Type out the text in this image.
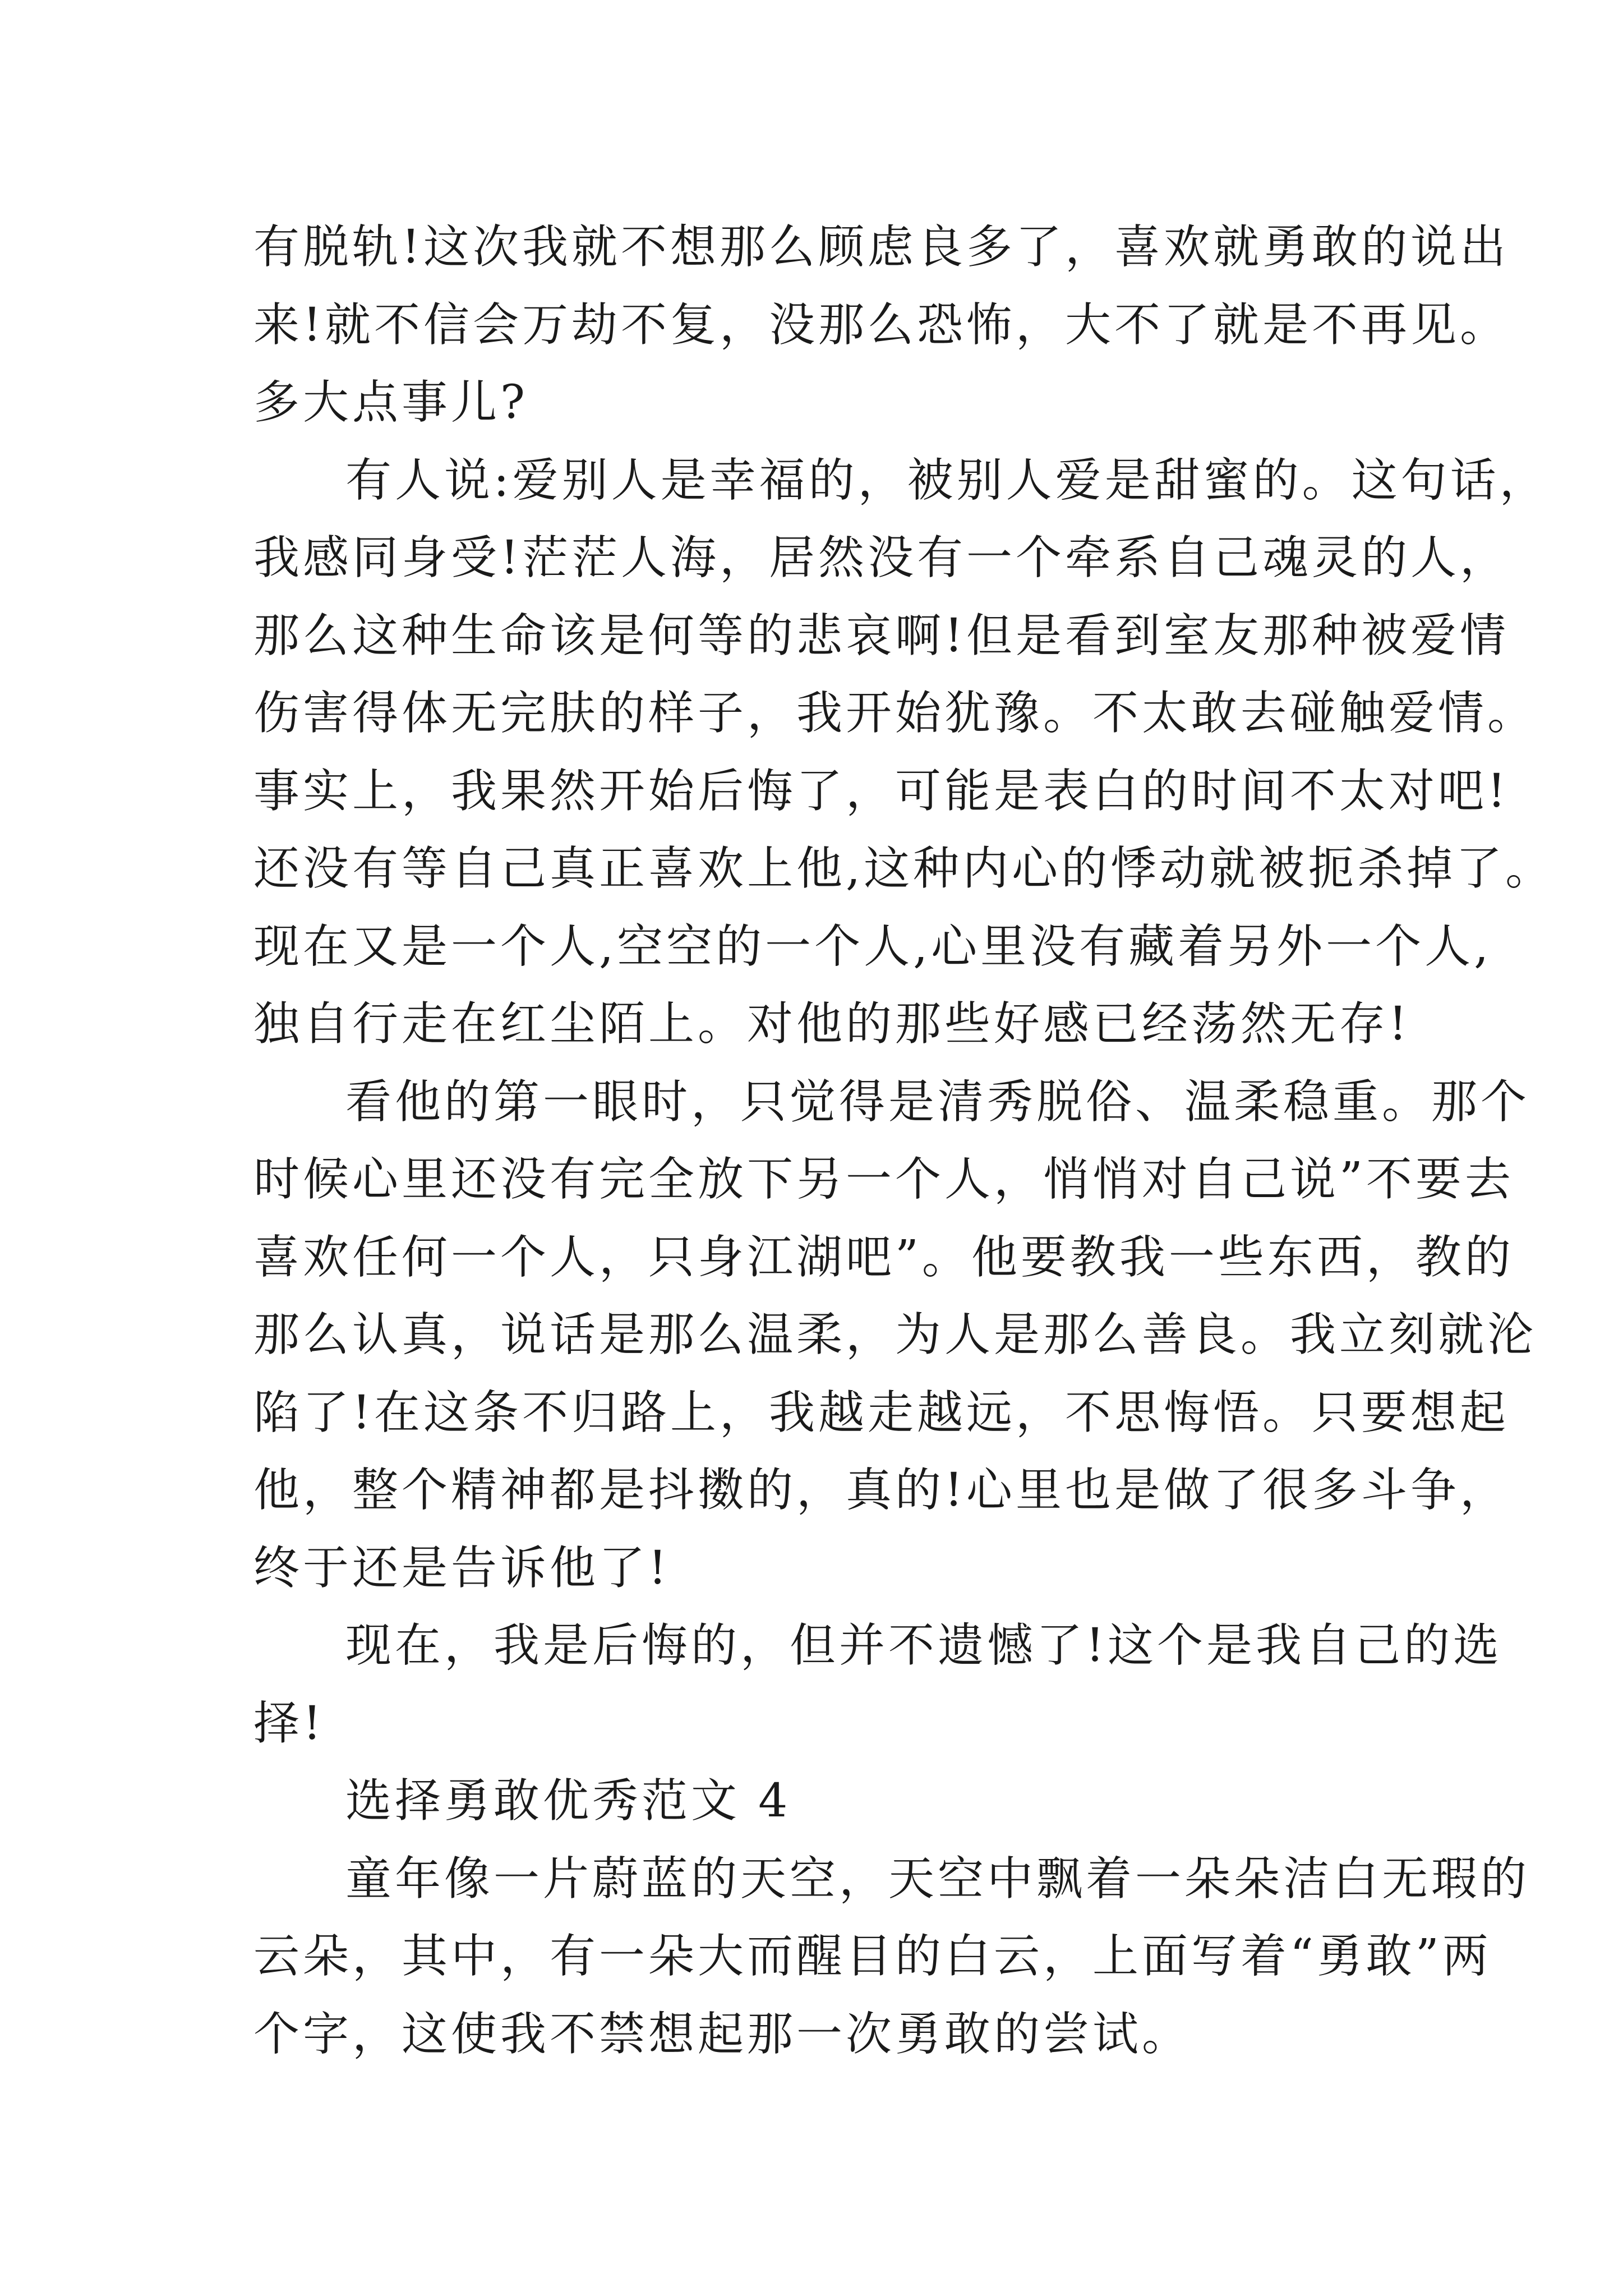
有脱轨!这次我就不想那么顾虑良多了，喜欢就勇敢的说出
来!就不信会万劫不复，没那么恐怖，大不了就是不再见。
多大点事儿?

有人说:爱别人是幸福的，被别人爱是甜蜜的。这句话，
我感同身受!茫茫人海，居然没有一个牵系自己魂灵的人，
那么这种生命该是何等的悲哀啊!但是看到室友那种被爱情
伤害得体无完肤的样子，我开始犹豫。不太敢去碰触爱情。
事实上，我果然开始后悔了，可能是表白的时间不太对吧!
还没有等自己真正喜欢上他,这种内心的悸动就被扼杀掉了。
现在又是一个人,空空的一个人,心里没有藏着另外一个人,
独自行走在红尘陌上。对他的那些好感已经荡然无存!

看他的第一眼时，只觉得是清秀脱俗、温柔稳重。那个
时候心里还没有完全放下另一个人，悄悄对自己说”不要去
喜欢任何一个人，只身江湖吧”。他要教我一些东西，教的
那么认真，说话是那么温柔，为人是那么善良。我立刻就沦
陷了!在这条不归路上，我越走越远，不思悔悟。只要想起
他，整个精神都是抖擞的，真的!心里也是做了很多斗争，
终于还是告诉他了!

现在，我是后悔的，但并不遗憾了!这个是我自己的选
择!

选择勇敢优秀范文 4

童年像一片蔚蓝的天空，天空中飘着一朵朵洁白无瑕的
云朵，其中，有一朵大而醒目的白云，上面写着“勇敢”两
个字，这使我不禁想起那一次勇敢的尝试。
